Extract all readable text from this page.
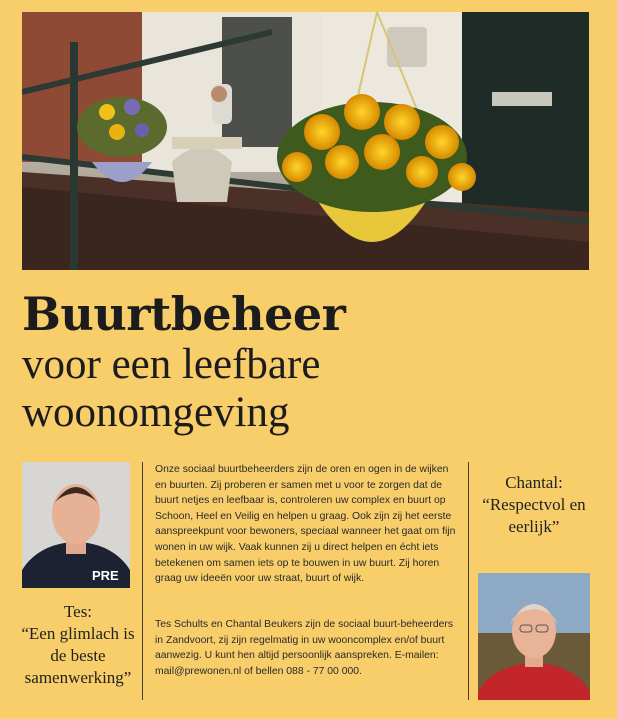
Buurtbeheer
voor een leefbare
woonomgeving
PRE
Tes:
“Een glimlach is de beste samenwerking”
Onze sociaal buurtbeheerders zijn de oren en ogen in de wijken en buurten. Zij proberen er samen met u voor te zorgen dat de buurt netjes en leefbaar is, controleren uw complex en buurt op Schoon, Heel en Veilig en helpen u graag. Ook zijn zij het eerste aanspreekpunt voor bewoners, speciaal wanneer het gaat om fijn wonen in uw wijk. Vaak kunnen zij u direct helpen en écht iets betekenen om samen iets op te bouwen in uw buurt. Zij horen graag uw ideeën voor uw straat, buurt of wijk.
Tes Schults en Chantal Beukers zijn de sociaal buurt-beheerders in Zandvoort, zij zijn regelmatig in uw wooncomplex en/of buurt aanwezig. U kunt hen altijd persoonlijk aanspreken. E-mailen: mail@prewonen.nl of bellen 088 - 77 00 000.
Chantal:
“Respectvol en eerlijk”
